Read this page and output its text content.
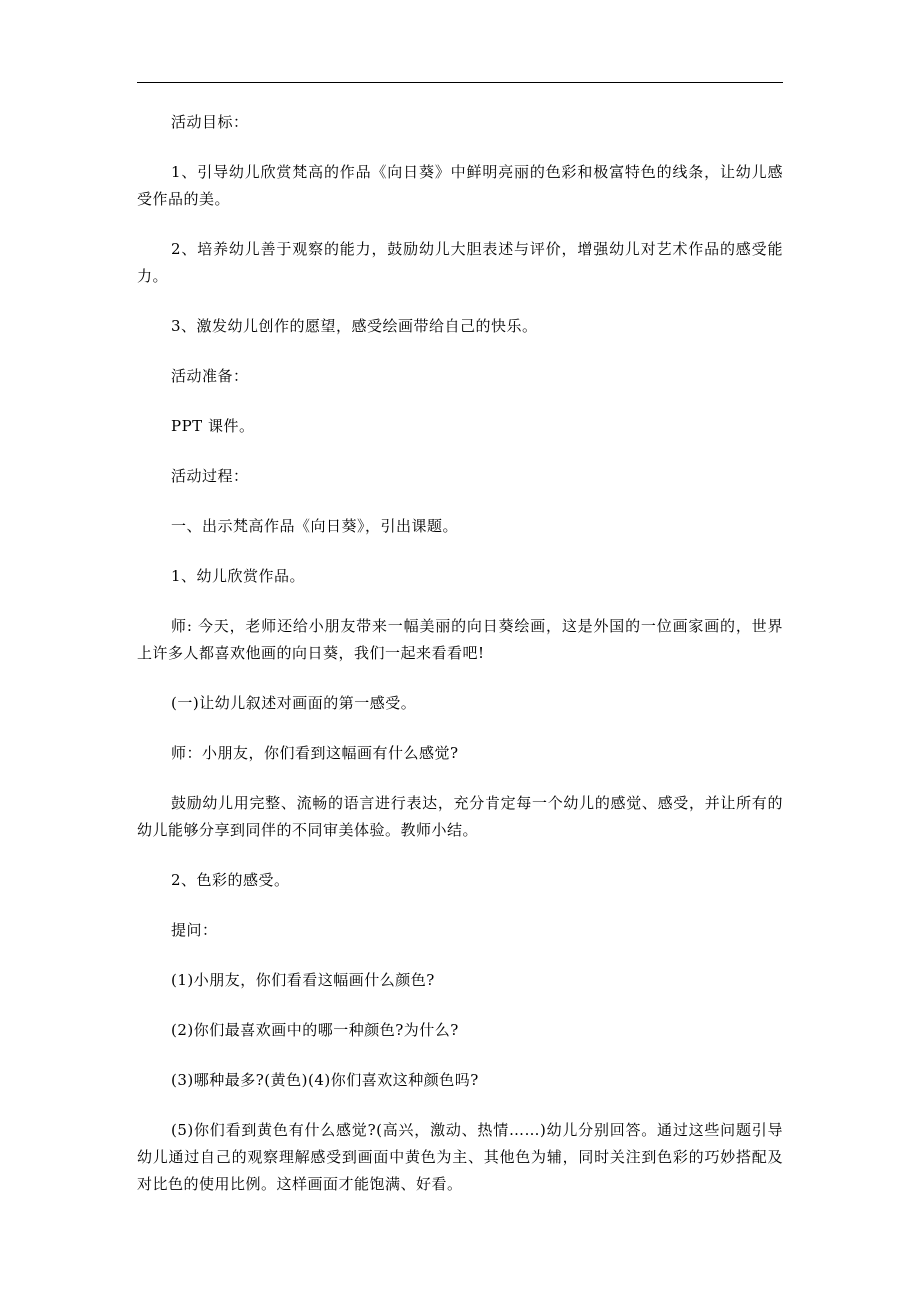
活动目标：

1、引导幼儿欣赏梵高的作品《向日葵》中鲜明亮丽的色彩和极富特色的线条，让幼儿感受作品的美。

2、培养幼儿善于观察的能力，鼓励幼儿大胆表述与评价，增强幼儿对艺术作品的感受能力。

3、激发幼儿创作的愿望，感受绘画带给自己的快乐。

活动准备：

PPT 课件。

活动过程：

一、出示梵高作品《向日葵》，引出课题。

1、幼儿欣赏作品。

师: 今天，老师还给小朋友带来一幅美丽的向日葵绘画，这是外国的一位画家画的，世界上许多人都喜欢他画的向日葵，我们一起来看看吧!

(一)让幼儿叙述对画面的第一感受。

师：小朋友，你们看到这幅画有什么感觉?

鼓励幼儿用完整、流畅的语言进行表达，充分肯定每一个幼儿的感觉、感受，并让所有的幼儿能够分享到同伴的不同审美体验。教师小结。

2、色彩的感受。

提问：

(1)小朋友，你们看看这幅画什么颜色?

(2)你们最喜欢画中的哪一种颜色?为什么?

(3)哪种最多?(黄色)(4)你们喜欢这种颜色吗?

(5)你们看到黄色有什么感觉?(高兴，激动、热情……)幼儿分别回答。通过这些问题引导幼儿通过自己的观察理解感受到画面中黄色为主、其他色为辅，同时关注到色彩的巧妙搭配及对比色的使用比例。这样画面才能饱满、好看。
